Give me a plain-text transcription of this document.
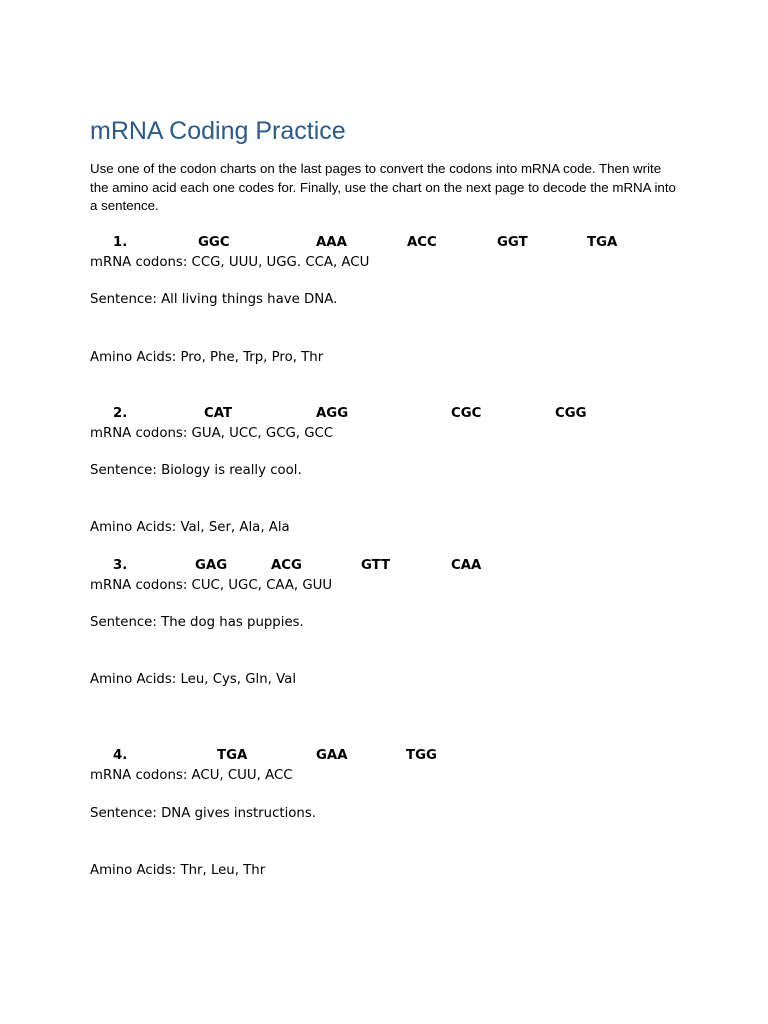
mRNA Coding Practice

Use one of the codon charts on the last pages to convert the codons into mRNA code. Then write the amino acid each one codes for. Finally, use the chart on the next page to decode the mRNA into a sentence.

1.	GGC	AAA	ACC	GGT	TGA
mRNA codons: CCG, UUU, UGG. CCA, ACU
Sentence: All living things have DNA.
Amino Acids: Pro, Phe, Trp, Pro, Thr
2.	CAT	AGG	CGC	CGG
mRNA codons: GUA, UCC, GCG, GCC
Sentence: Biology is really cool.
Amino Acids: Val, Ser, Ala, Ala
3.	GAG	ACG	GTT	CAA
mRNA codons: CUC, UGC, CAA, GUU
Sentence: The dog has puppies.
Amino Acids: Leu, Cys, Gln, Val
4.	TGA	GAA	TGG
mRNA codons: ACU, CUU, ACC
Sentence: DNA gives instructions.
Amino Acids: Thr, Leu, Thr
